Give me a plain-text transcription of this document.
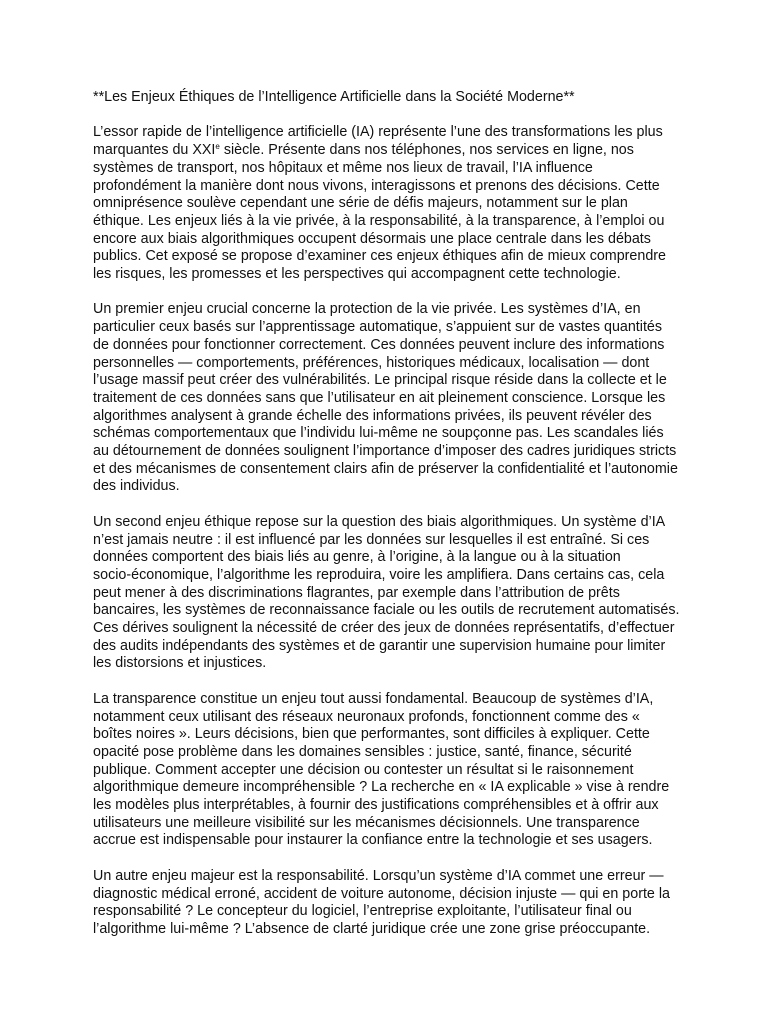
**Les Enjeux Éthiques de l’Intelligence Artificielle dans la Société Moderne**

L’essor rapide de l’intelligence artificielle (IA) représente l’une des transformations les plus
marquantes du XXIe siècle. Présente dans nos téléphones, nos services en ligne, nos
systèmes de transport, nos hôpitaux et même nos lieux de travail, l’IA influence
profondément la manière dont nous vivons, interagissons et prenons des décisions. Cette
omniprésence soulève cependant une série de défis majeurs, notamment sur le plan
éthique. Les enjeux liés à la vie privée, à la responsabilité, à la transparence, à l’emploi ou
encore aux biais algorithmiques occupent désormais une place centrale dans les débats
publics. Cet exposé se propose d’examiner ces enjeux éthiques afin de mieux comprendre
les risques, les promesses et les perspectives qui accompagnent cette technologie.

Un premier enjeu crucial concerne la protection de la vie privée. Les systèmes d’IA, en
particulier ceux basés sur l’apprentissage automatique, s’appuient sur de vastes quantités
de données pour fonctionner correctement. Ces données peuvent inclure des informations
personnelles — comportements, préférences, historiques médicaux, localisation — dont
l’usage massif peut créer des vulnérabilités. Le principal risque réside dans la collecte et le
traitement de ces données sans que l’utilisateur en ait pleinement conscience. Lorsque les
algorithmes analysent à grande échelle des informations privées, ils peuvent révéler des
schémas comportementaux que l’individu lui-même ne soupçonne pas. Les scandales liés
au détournement de données soulignent l’importance d’imposer des cadres juridiques stricts
et des mécanismes de consentement clairs afin de préserver la confidentialité et l’autonomie
des individus.

Un second enjeu éthique repose sur la question des biais algorithmiques. Un système d’IA
n’est jamais neutre : il est influencé par les données sur lesquelles il est entraîné. Si ces
données comportent des biais liés au genre, à l’origine, à la langue ou à la situation
socio-économique, l’algorithme les reproduira, voire les amplifiera. Dans certains cas, cela
peut mener à des discriminations flagrantes, par exemple dans l’attribution de prêts
bancaires, les systèmes de reconnaissance faciale ou les outils de recrutement automatisés.
Ces dérives soulignent la nécessité de créer des jeux de données représentatifs, d’effectuer
des audits indépendants des systèmes et de garantir une supervision humaine pour limiter
les distorsions et injustices.

La transparence constitue un enjeu tout aussi fondamental. Beaucoup de systèmes d’IA,
notamment ceux utilisant des réseaux neuronaux profonds, fonctionnent comme des «
boîtes noires ». Leurs décisions, bien que performantes, sont difficiles à expliquer. Cette
opacité pose problème dans les domaines sensibles : justice, santé, finance, sécurité
publique. Comment accepter une décision ou contester un résultat si le raisonnement
algorithmique demeure incompréhensible ? La recherche en « IA explicable » vise à rendre
les modèles plus interprétables, à fournir des justifications compréhensibles et à offrir aux
utilisateurs une meilleure visibilité sur les mécanismes décisionnels. Une transparence
accrue est indispensable pour instaurer la confiance entre la technologie et ses usagers.

Un autre enjeu majeur est la responsabilité. Lorsqu’un système d’IA commet une erreur —
diagnostic médical erroné, accident de voiture autonome, décision injuste — qui en porte la
responsabilité ? Le concepteur du logiciel, l’entreprise exploitante, l’utilisateur final ou
l’algorithme lui-même ? L’absence de clarté juridique crée une zone grise préoccupante.
